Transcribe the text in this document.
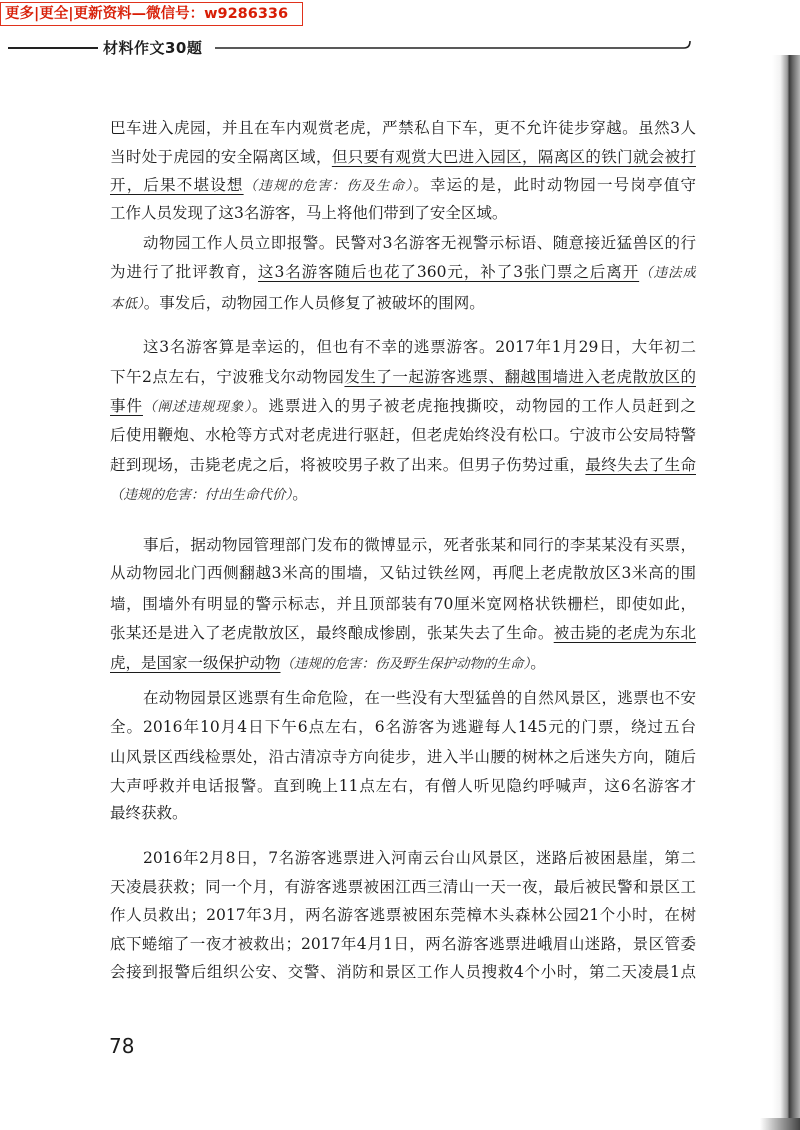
更多|更全|更新资料—微信号：w9286336
材料作文30题
巴车进入虎园，并且在车内观赏老虎，严禁私自下车，更不允许徒步穿越。虽然3人
当时处于虎园的安全隔离区域，但只要有观赏大巴进入园区，隔离区的铁门就会被打
开，后果不堪设想（违规的危害：伤及生命）。幸运的是，此时动物园一号岗亭值守
工作人员发现了这3名游客，马上将他们带到了安全区域。
动物园工作人员立即报警。民警对3名游客无视警示标语、随意接近猛兽区的行
为进行了批评教育，这3名游客随后也花了360元，补了3张门票之后离开（违法成
本低）。事发后，动物园工作人员修复了被破坏的围网。
这3名游客算是幸运的，但也有不幸的逃票游客。2017年1月29日，大年初二
下午2点左右，宁波雅戈尔动物园发生了一起游客逃票、翻越围墙进入老虎散放区的
事件（阐述违规现象）。逃票进入的男子被老虎拖拽撕咬，动物园的工作人员赶到之
后使用鞭炮、水枪等方式对老虎进行驱赶，但老虎始终没有松口。宁波市公安局特警
赶到现场，击毙老虎之后，将被咬男子救了出来。但男子伤势过重，最终失去了生命
（违规的危害：付出生命代价）。
事后，据动物园管理部门发布的微博显示，死者张某和同行的李某某没有买票，
从动物园北门西侧翻越3米高的围墙，又钻过铁丝网，再爬上老虎散放区3米高的围
墙，围墙外有明显的警示标志，并且顶部装有70厘米宽网格状铁栅栏，即使如此，
张某还是进入了老虎散放区，最终酿成惨剧，张某失去了生命。被击毙的老虎为东北
虎，是国家一级保护动物（违规的危害：伤及野生保护动物的生命）。
在动物园景区逃票有生命危险，在一些没有大型猛兽的自然风景区，逃票也不安
全。2016年10月4日下午6点左右，6名游客为逃避每人145元的门票，绕过五台
山风景区西线检票处，沿古清凉寺方向徒步，进入半山腰的树林之后迷失方向，随后
大声呼救并电话报警。直到晚上11点左右，有僧人听见隐约呼喊声，这6名游客才
最终获救。
2016年2月8日，7名游客逃票进入河南云台山风景区，迷路后被困悬崖，第二
天凌晨获救；同一个月，有游客逃票被困江西三清山一天一夜，最后被民警和景区工
作人员救出；2017年3月，两名游客逃票被困东莞樟木头森林公园21个小时，在树
底下蜷缩了一夜才被救出；2017年4月1日，两名游客逃票进峨眉山迷路，景区管委
会接到报警后组织公安、交警、消防和景区工作人员搜救4个小时，第二天凌晨1点
78
